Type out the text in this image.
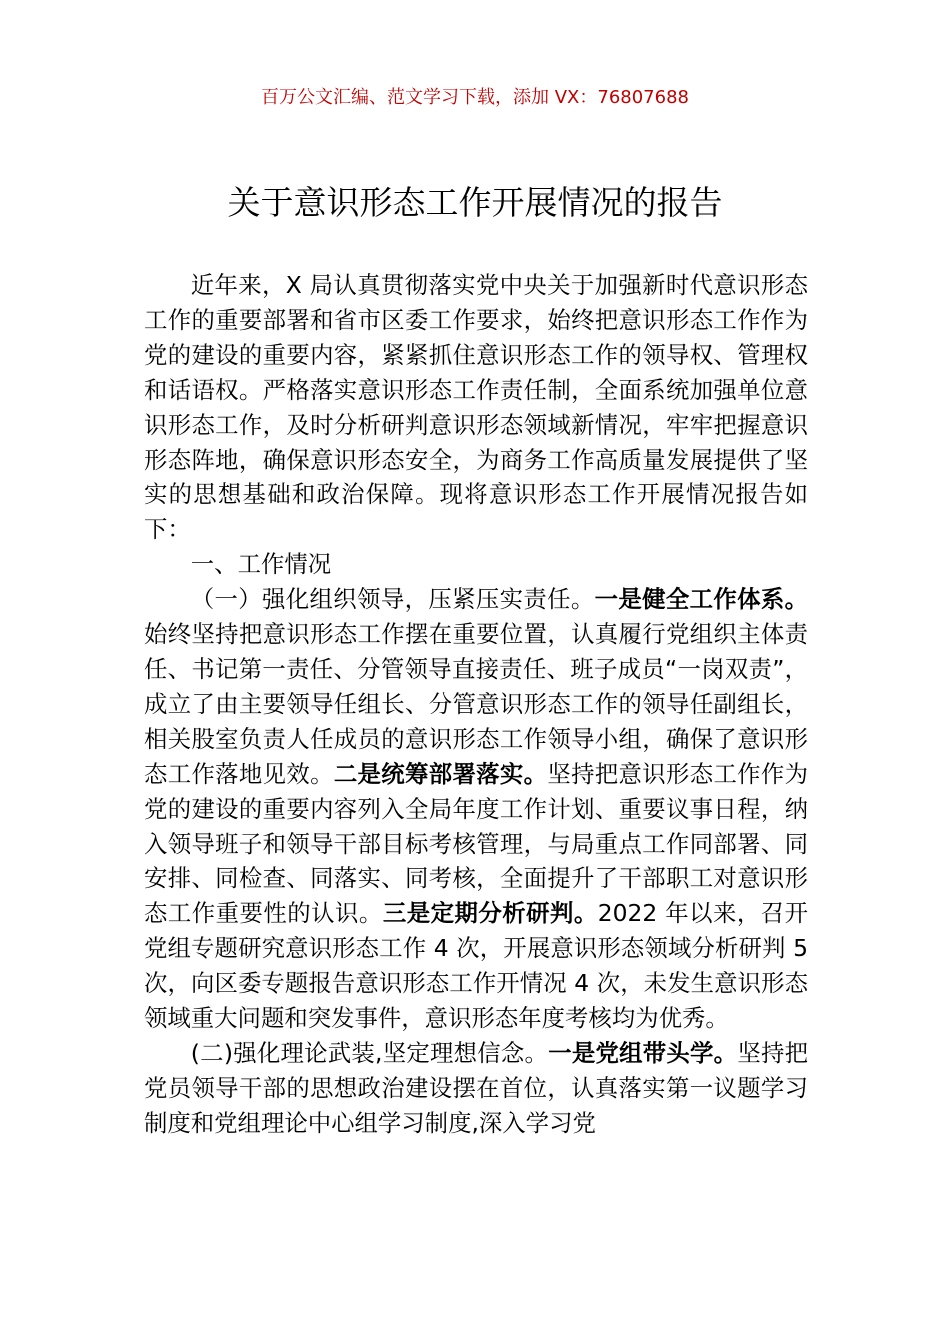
百万公文汇编、范文学习下载，添加 VX：76807688
关于意识形态工作开展情况的报告

近年来，X 局认真贯彻落实党中央关于加强新时代意识形态工作的重要部署和省市区委工作要求，始终把意识形态工作作为党的建设的重要内容，紧紧抓住意识形态工作的领导权、管理权和话语权。严格落实意识形态工作责任制，全面系统加强单位意识形态工作，及时分析研判意识形态领域新情况，牢牢把握意识形态阵地，确保意识形态安全，为商务工作高质量发展提供了坚实的思想基础和政治保障。现将意识形态工作开展情况报告如下：

一、工作情况

（一）强化组织领导，压紧压实责任。一是健全工作体系。始终坚持把意识形态工作摆在重要位置，认真履行党组织主体责任、书记第一责任、分管领导直接责任、班子成员“一岗双责”，成立了由主要领导任组长、分管意识形态工作的领导任副组长，相关股室负责人任成员的意识形态工作领导小组，确保了意识形态工作落地见效。二是统筹部署落实。坚持把意识形态工作作为党的建设的重要内容列入全局年度工作计划、重要议事日程，纳入领导班子和领导干部目标考核管理，与局重点工作同部署、同安排、同检查、同落实、同考核，全面提升了干部职工对意识形态工作重要性的认识。三是定期分析研判。2022 年以来，召开党组专题研究意识形态工作 4 次，开展意识形态领域分析研判 5 次，向区委专题报告意识形态工作开情况 4 次，未发生意识形态领域重大问题和突发事件，意识形态年度考核均为优秀。

(二)强化理论武装,坚定理想信念。一是党组带头学。坚持把党员领导干部的思想政治建设摆在首位，认真落实第一议题学习制度和党组理论中心组学习制度,深入学习党
